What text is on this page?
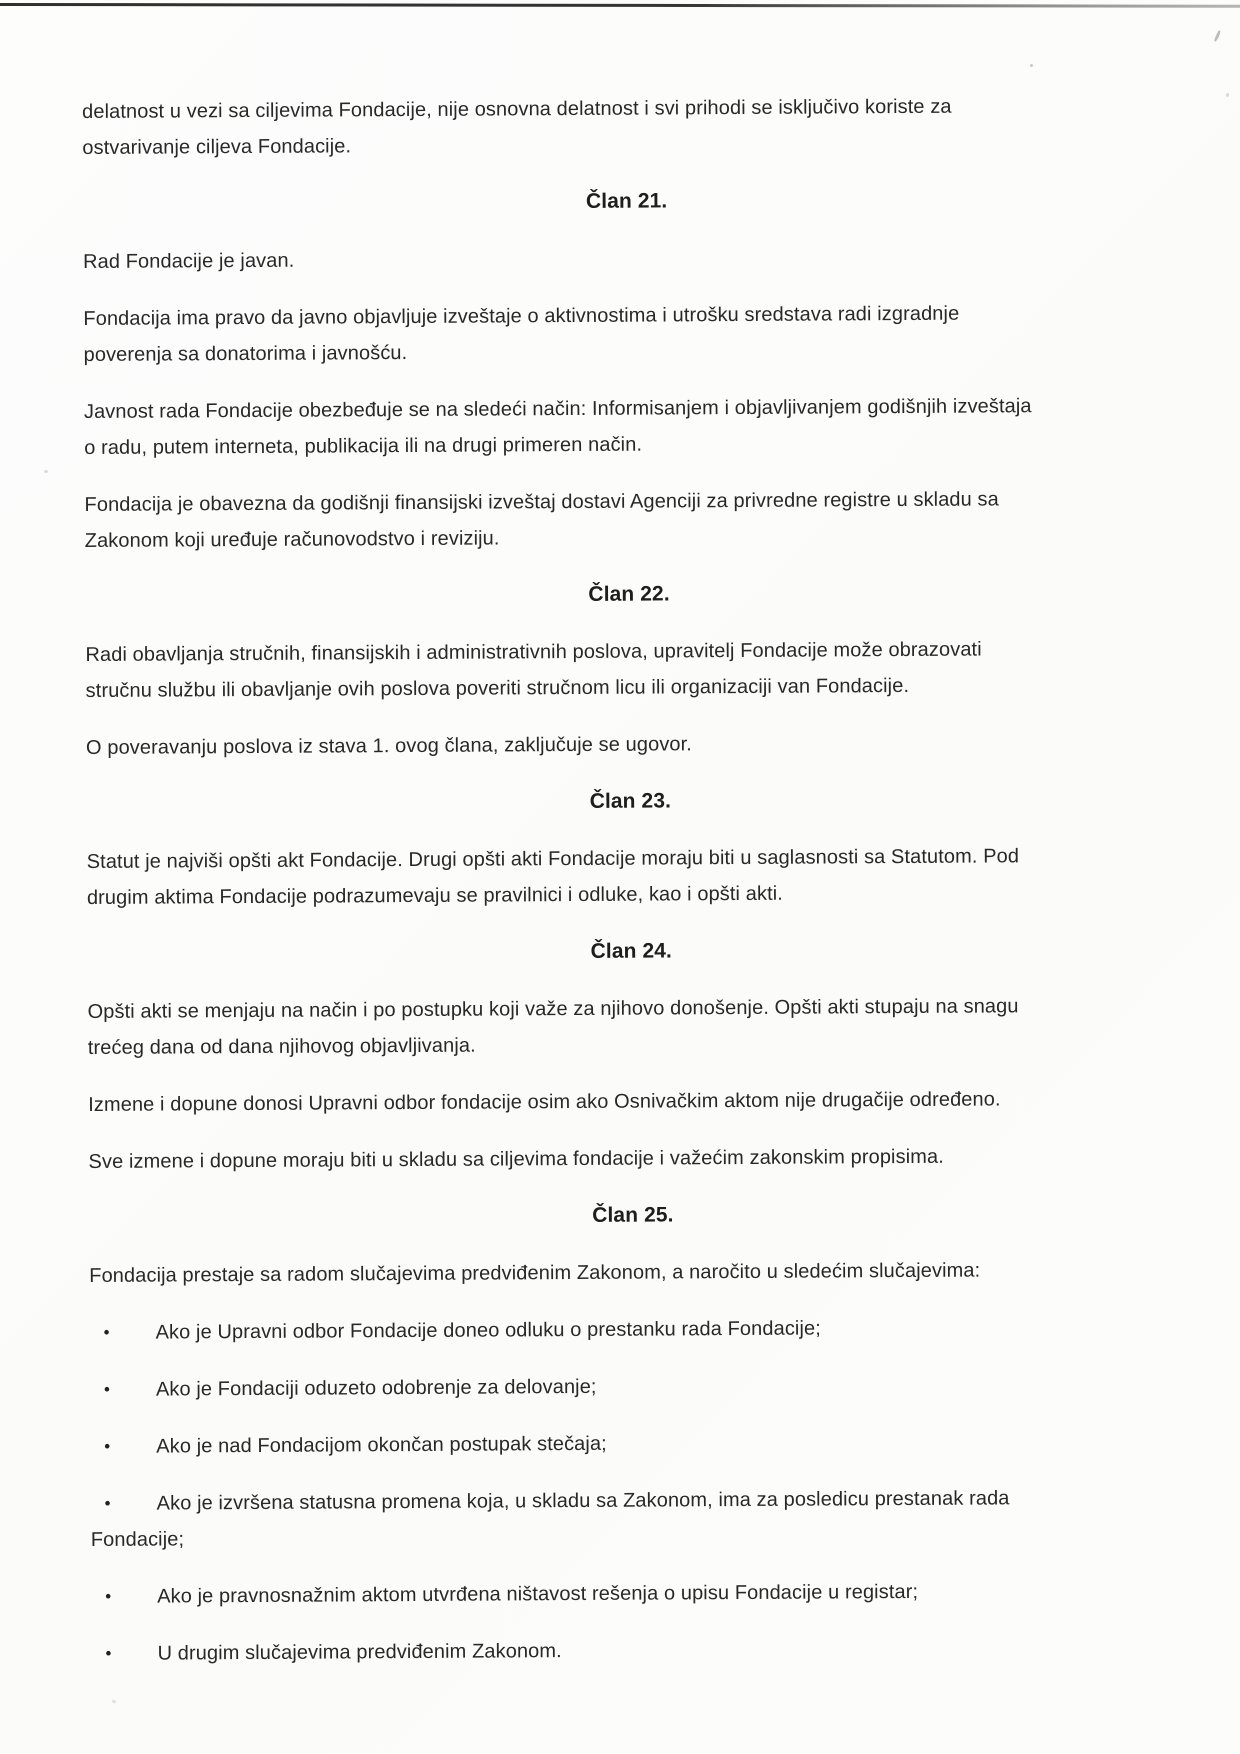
delatnost u vezi sa ciljevima Fondacije, nije osnovna delatnost i svi prihodi se isključivo koriste za
ostvarivanje ciljeva Fondacije.
Član 21.
Rad Fondacije je javan.
Fondacija ima pravo da javno objavljuje izveštaje o aktivnostima i utrošku sredstava radi izgradnje
poverenja sa donatorima i javnošću.
Javnost rada Fondacije obezbeđuje se na sledeći način: Informisanjem i objavljivanjem godišnjih izveštaja
o radu, putem interneta, publikacija ili na drugi primeren način.
Fondacija je obavezna da godišnji finansijski izveštaj dostavi Agenciji za privredne registre u skladu sa
Zakonom koji uređuje računovodstvo i reviziju.
Član 22.
Radi obavljanja stručnih, finansijskih i administrativnih poslova, upravitelj Fondacije može obrazovati
stručnu službu ili obavljanje ovih poslova poveriti stručnom licu ili organizaciji van Fondacije.
O poveravanju poslova iz stava 1. ovog člana, zaključuje se ugovor.
Član 23.
Statut je najviši opšti akt Fondacije. Drugi opšti akti Fondacije moraju biti u saglasnosti sa Statutom. Pod
drugim aktima Fondacije podrazumevaju se pravilnici i odluke, kao i opšti akti.
Član 24.
Opšti akti se menjaju na način i po postupku koji važe za njihovo donošenje. Opšti akti stupaju na snagu
trećeg dana od dana njihovog objavljivanja.
Izmene i dopune donosi Upravni odbor fondacije osim ako Osnivačkim aktom nije drugačije određeno.
Sve izmene i dopune moraju biti u skladu sa ciljevima fondacije i važećim zakonskim propisima.
Član 25.
Fondacija prestaje sa radom slučajevima predviđenim Zakonom, a naročito u sledećim slučajevima:
•	Ako je Upravni odbor Fondacije doneo odluku o prestanku rada Fondacije;
•	Ako je Fondaciji oduzeto odobrenje za delovanje;
•	Ako je nad Fondacijom okončan postupak stečaja;
•	Ako je izvršena statusna promena koja, u skladu sa Zakonom, ima za posledicu prestanak rada
Fondacije;
•	Ako je pravnosnažnim aktom utvrđena ništavost rešenja o upisu Fondacije u registar;
•	U drugim slučajevima predviđenim Zakonom.
